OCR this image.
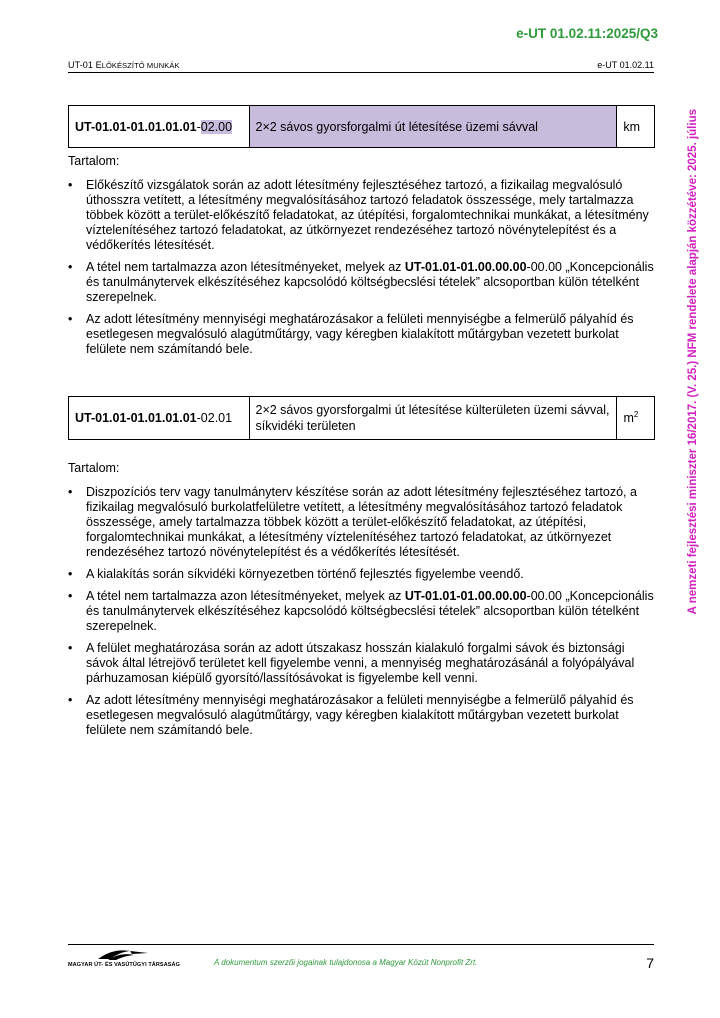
e-UT 01.02.11:2025/Q3
UT-01 ELŐKÉSZÍTŐ MUNKÁK	e-UT 01.02.11
A nemzeti fejlesztési miniszter 16/2017. (V. 25.) NFM rendelete alapján közzétéve: 2025. július
UT-01.01-01.01.01.01-02.00	2×2 sávos gyorsforgalmi út létesítése üzemi sávval	km
Tartalom:
• Előkészítő vizsgálatok során az adott létesítmény fejlesztéséhez tartozó, a fizikailag megvalósuló úthosszra vetített, a létesítmény megvalósításához tartozó feladatok összessége, mely tartalmazza többek között a terület-előkészítő feladatokat, az útépítési, forgalomtechnikai munkákat, a létesítmény víztelenítéséhez tartozó feladatokat, az útkörnyezet rendezéséhez tartozó növénytelepítést és a védőkerítés létesítését.
• A tétel nem tartalmazza azon létesítményeket, melyek az UT-01.01-01.00.00.00-00.00 „Koncepcionális és tanulmánytervek elkészítéséhez kapcsolódó költségbecslési tételek” alcsoportban külön tételként szerepelnek.
• Az adott létesítmény mennyiségi meghatározásakor a felületi mennyiségbe a felmerülő pályahíd és esetlegesen megvalósuló alagútműtárgy, vagy kéregben kialakított műtárgyban vezetett burkolat felülete nem számítandó bele.
UT-01.01-01.01.01.01-02.01	2×2 sávos gyorsforgalmi út létesítése külterületen üzemi sávval, síkvidéki területen	$m^2$
Tartalom:
• Diszpozíciós terv vagy tanulmányterv készítése során az adott létesítmény fejlesztéséhez tartozó, a fizikailag megvalósuló burkolatfelületre vetített, a létesítmény megvalósításához tartozó feladatok összessége, amely tartalmazza többek között a terület-előkészítő feladatokat, az útépítési, forgalomtechnikai munkákat, a létesítmény víztelenítéséhez tartozó feladatokat, az útkörnyezet rendezéséhez tartozó növénytelepítést és a védőkerítés létesítését.
• A kialakítás során síkvidéki környezetben történő fejlesztés figyelembe veendő.
• A tétel nem tartalmazza azon létesítményeket, melyek az UT-01.01-01.00.00.00-00.00 „Koncepcionális és tanulmánytervek elkészítéséhez kapcsolódó költségbecslési tételek” alcsoportban külön tételként szerepelnek.
• A felület meghatározása során az adott útszakasz hosszán kialakuló forgalmi sávok és biztonsági sávok által létrejövő területet kell figyelembe venni, a mennyiség meghatározásánál a folyópályával párhuzamosan kiépülő gyorsító/lassítósávokat is figyelembe kell venni.
• Az adott létesítmény mennyiségi meghatározásakor a felületi mennyiségbe a felmerülő pályahíd és esetlegesen megvalósuló alagútműtárgy, vagy kéregben kialakított műtárgyban vezetett burkolat felülete nem számítandó bele.
MAGYAR ÚT- ÉS VASÚTÜGYI TÁRSASÁG	A dokumentum szerzői jogainak tulajdonosa a Magyar Közút Nonprofit Zrt.	7
